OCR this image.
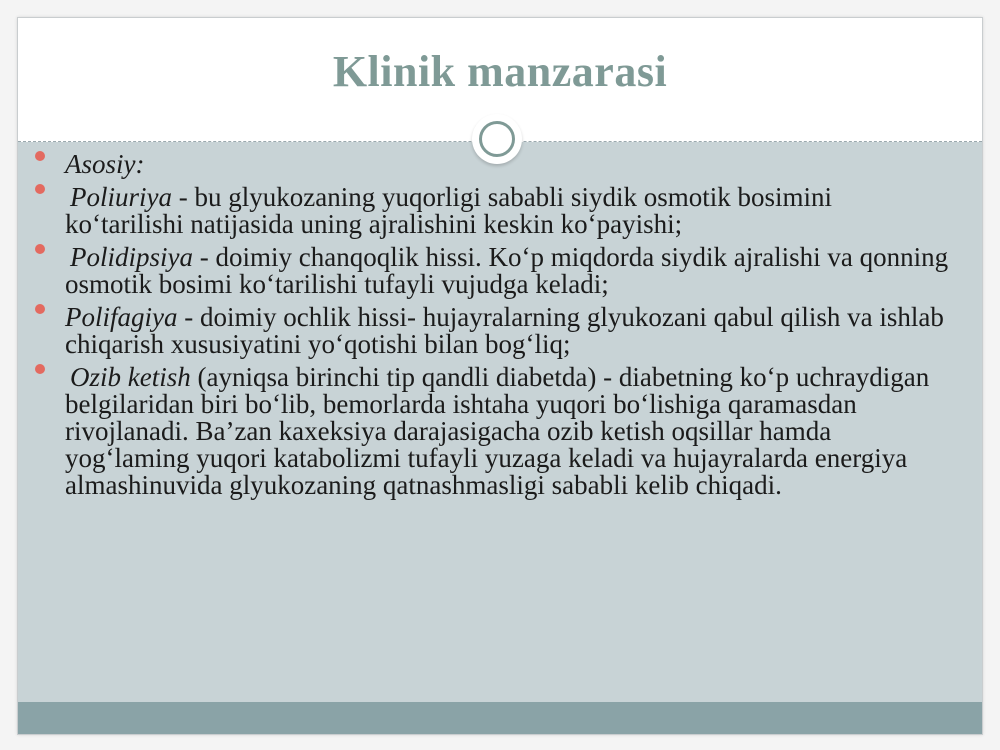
Klinik manzarasi
Asosiy:
Poliuriya - bu glyukozaning yuqorligi sababli siydik osmotik bosimini ko‘tarilishi natijasida uning ajralishini keskin ko‘payishi;
Polidipsiya - doimiy chanqoqlik hissi. Ko‘p miqdorda siydik ajralishi va qonning osmotik bosimi ko‘tarilishi tufayli vujudga keladi;
Polifagiya - doimiy ochlik hissi- hujayralarning glyukozani qabul qilish va ishlab chiqarish xususiyatini yo‘qotishi bilan bog‘liq;
Ozib ketish (ayniqsa birinchi tip qandli diabetda) - diabetning ko‘p uchraydigan belgilaridan biri bo‘lib, bemorlarda ishtaha yuqori bo‘lishiga qaramasdan rivojlanadi. Ba’zan kaxeksiya darajasigacha ozib ketish oqsillar hamda yog‘laming yuqori katabolizmi tufayli yuzaga keladi va hujayralarda energiya almashinuvida glyukozaning qatnashmasligi sababli kelib chiqadi.
